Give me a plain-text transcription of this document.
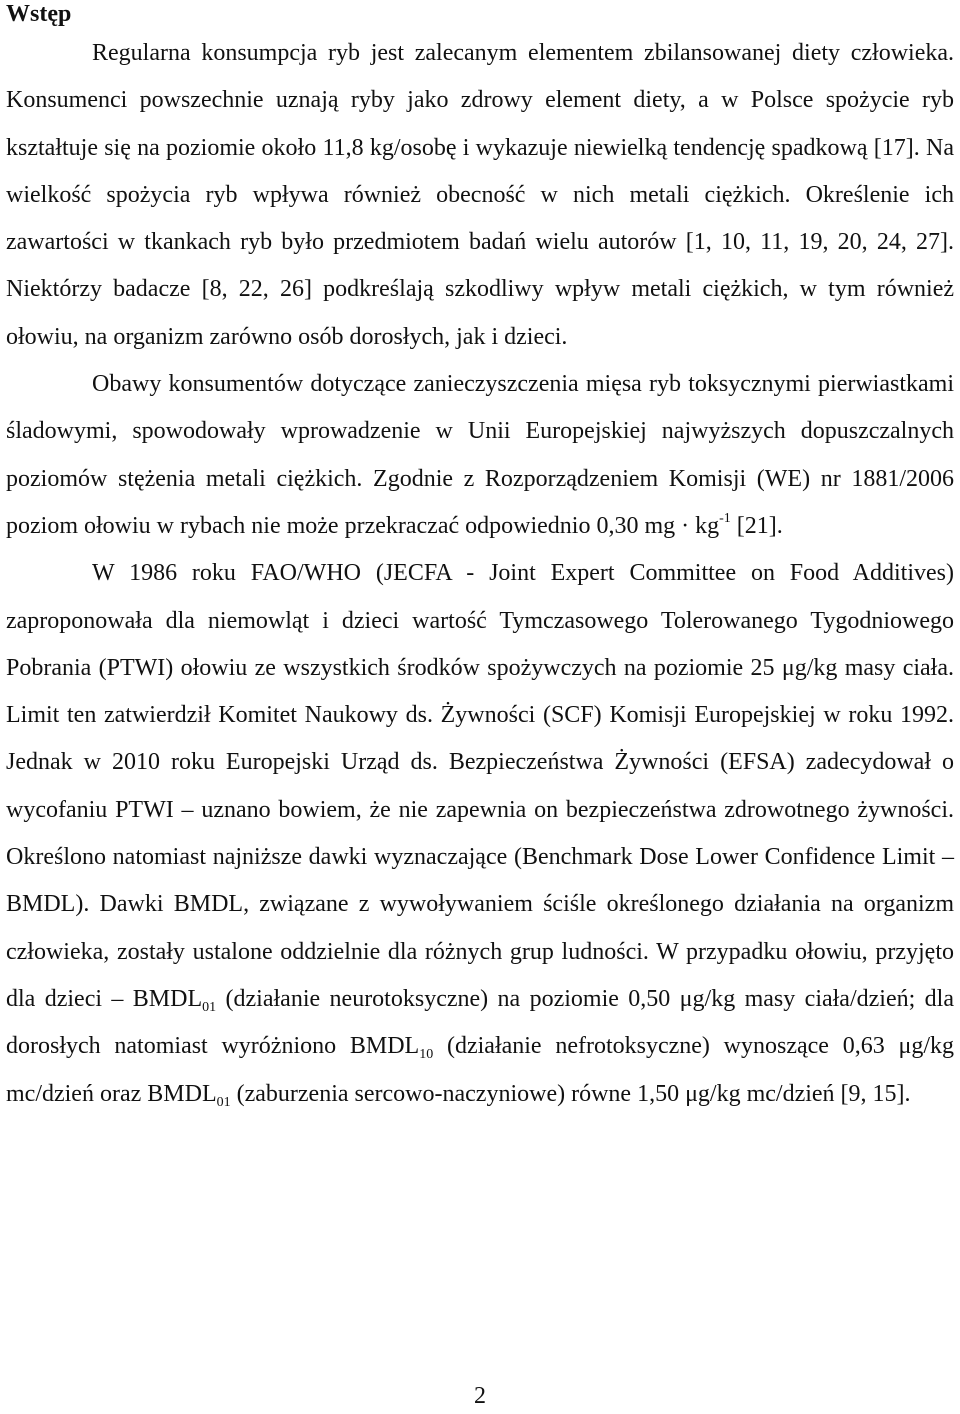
Wstęp

Regularna konsumpcja ryb jest zalecanym elementem zbilansowanej diety człowieka. Konsumenci powszechnie uznają ryby jako zdrowy element diety, a w Polsce spożycie ryb kształtuje się na poziomie około 11,8 kg/osobę i wykazuje niewielką tendencję spadkową [17]. Na wielkość spożycia ryb wpływa również obecność w nich metali ciężkich. Określenie ich zawartości w tkankach ryb było przedmiotem badań wielu autorów [1, 10, 11, 19, 20, 24, 27]. Niektórzy badacze [8, 22, 26] podkreślają szkodliwy wpływ metali ciężkich, w tym również ołowiu, na organizm zarówno osób dorosłych, jak i dzieci.

Obawy konsumentów dotyczące zanieczyszczenia mięsa ryb toksycznymi pierwiastkami śladowymi, spowodowały wprowadzenie w Unii Europejskiej najwyższych dopuszczalnych poziomów stężenia metali ciężkich. Zgodnie z Rozporządzeniem Komisji (WE) nr 1881/2006 poziom ołowiu w rybach nie może przekraczać odpowiednio 0,30 mg · $kg^{-1}$ [21].

W 1986 roku FAO/WHO (JECFA - Joint Expert Committee on Food Additives) zaproponowała dla niemowląt i dzieci wartość Tymczasowego Tolerowanego Tygodniowego Pobrania (PTWI) ołowiu ze wszystkich środków spożywczych na poziomie 25 μg/kg masy ciała. Limit ten zatwierdził Komitet Naukowy ds. Żywności (SCF) Komisji Europejskiej w roku 1992. Jednak w 2010 roku Europejski Urząd ds. Bezpieczeństwa Żywności (EFSA) zadecydował o wycofaniu PTWI – uznano bowiem, że nie zapewnia on bezpieczeństwa zdrowotnego żywności. Określono natomiast najniższe dawki wyznaczające (Benchmark Dose Lower Confidence Limit – BMDL). Dawki BMDL, związane z wywoływaniem ściśle określonego działania na organizm człowieka, zostały ustalone oddzielnie dla różnych grup ludności. W przypadku ołowiu, przyjęto dla dzieci – $BMDL_{01}$ (działanie neurotoksyczne) na poziomie 0,50 μg/kg masy ciała/dzień; dla dorosłych natomiast wyróżniono $BMDL_{10}$ (działanie nefrotoksyczne) wynoszące 0,63 μg/kg mc/dzień oraz $BMDL_{01}$ (zaburzenia sercowo-naczyniowe) równe 1,50 μg/kg mc/dzień [9, 15].

2
